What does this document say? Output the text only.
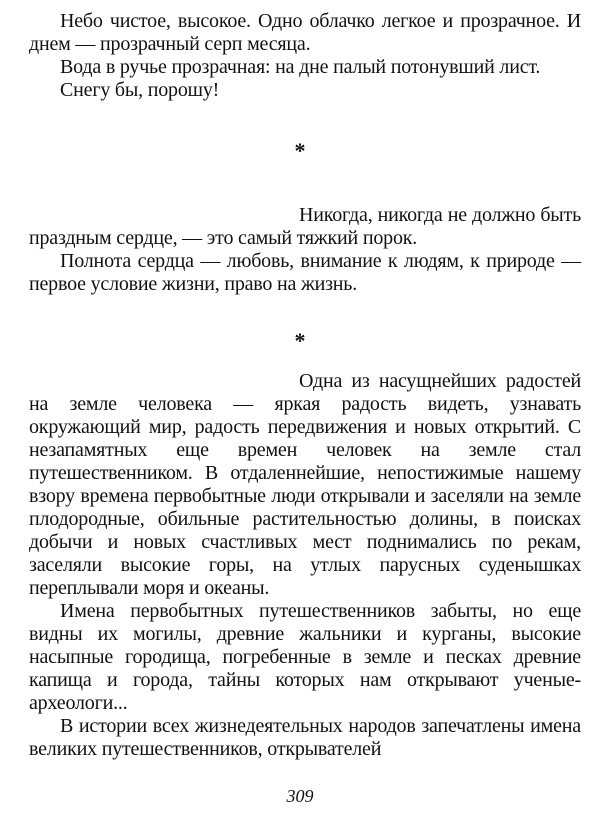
Небо чистое, высокое. Одно облачко легкое и прозрачное. И днем — прозрачный серп месяца.

Вода в ручье прозрачная: на дне палый потонувший лист.

Снегу бы, порошу!

*

Никогда, никогда не должно быть праздным сердце, — это самый тяжкий порок.

Полнота сердца — любовь, внимание к людям, к природе — первое условие жизни, право на жизнь.

*

Одна из насущнейших радостей на земле человека — яркая радость видеть, узнавать окружающий мир, радость передвижения и новых открытий. С незапамятных еще времен человек на земле стал путешественником. В отдаленнейшие, непостижимые нашему взору времена первобытные люди открывали и заселяли на земле плодородные, обильные растительностью долины, в поисках добычи и новых счастливых мест поднимались по рекам, заселяли высокие горы, на утлых парусных суденышках переплывали моря и океаны.

Имена первобытных путешественников забыты, но еще видны их могилы, древние жальники и курганы, высокие насыпные городища, погребенные в земле и песках древние капища и города, тайны которых нам открывают ученые-археологи...

В истории всех жизнедеятельных народов запечатлены имена великих путешественников, открывателей

309
